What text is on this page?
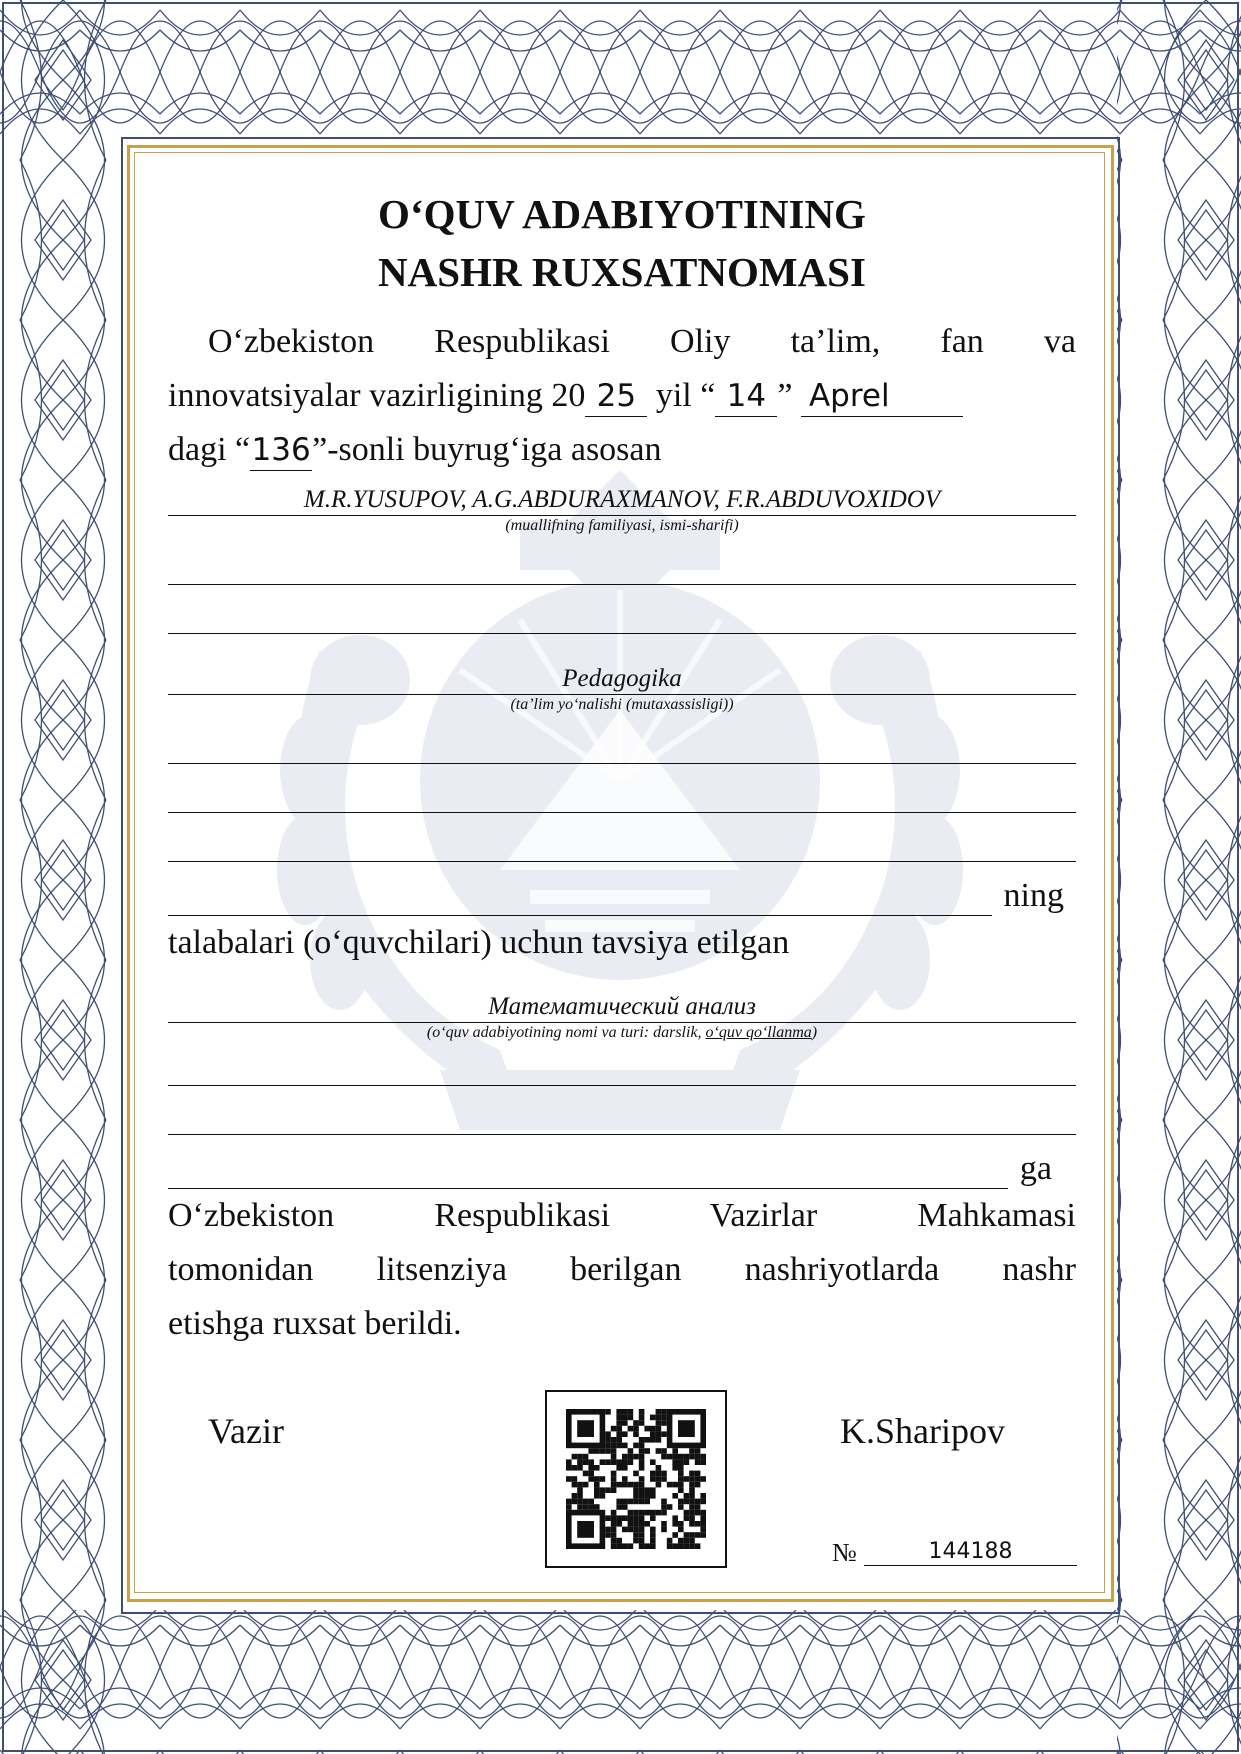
O‘QUV ADABIYOTINING
NASHR RUXSATNOMASI

O‘zbekiston Respublikasi Oliy ta’lim, fan va

innovatsiyalar vazirligining 20 25 yil “ 14 ” Aprel

dagi “136”-sonli buyrug‘iga asosan

M.R.YUSUPOV, A.G.ABDURAXMANOV, F.R.ABDUVOXIDOV
(muallifning familiyasi, ismi-sharifi)
Pedagogika
(ta’lim yo‘nalishi (mutaxassisligi))
ning

talabalari (o‘quvchilari) uchun tavsiya etilgan

Математический анализ
(o‘quv adabiyotining nomi va turi: darslik, o‘quv qo‘llanma)
ga

O‘zbekiston Respublikasi Vazirlar Mahkamasi

tomonidan litsenziya berilgan nashriyotlarda nashr

etishga ruxsat berildi.

Vazir	K.Sharipov
№	144188
